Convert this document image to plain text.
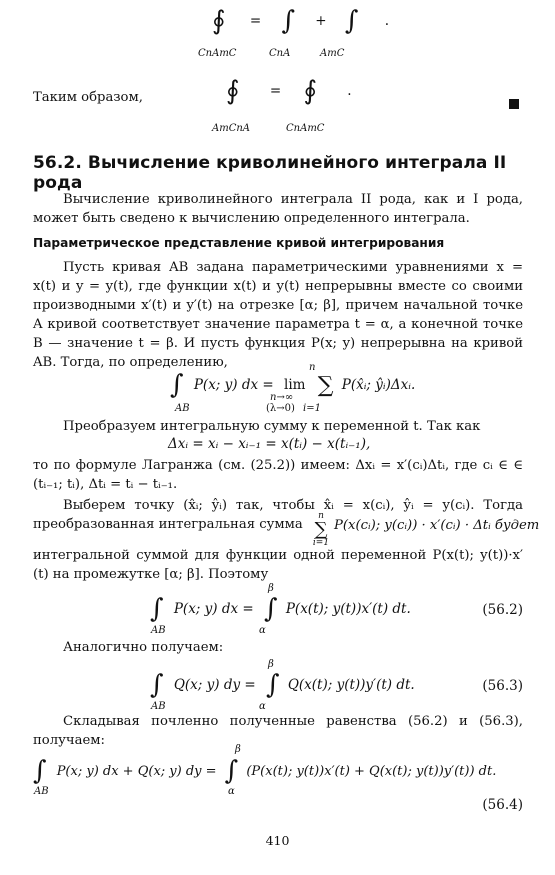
∮ = ∫ + ∫ .
CnAmC	CnA	AmC
Таким образом,	∮ = ∮ .
AmCnA	CnAmC
56.2. Вычисление криволинейного интеграла II рода
Вычисление криволинейного интеграла II рода, как и I рода, может быть сведено к вычислению определенного интеграла.
Параметрическое представление кривой интегрирования
Пусть кривая AB задана параметрическими уравнениями x = x(t) и y = y(t), где функции x(t) и y(t) непрерывны вместе со своими производными x′(t) и y′(t) на отрезке [α; β], причем начальной точке A кривой соответствует значение параметра t = α, а конечной точке B — значение t = β. И пусть функция P(x; y) непрерывна на кривой AB. Тогда, по определению,
∫ P(x; y) dx = lim ∑ P(x̂ᵢ; ŷᵢ)Δxᵢ.
AB
n
n→∞
(λ→0) i=1
Преобразуем интегральную сумму к переменной t. Так как
Δxᵢ = xᵢ − xᵢ₋₁ = x(tᵢ) − x(tᵢ₋₁),
то по формуле Лагранжа (см. (25.2)) имеем: Δxᵢ = x′(cᵢ)Δtᵢ, где cᵢ ∈ ∈ (tᵢ₋₁; tᵢ), Δtᵢ = tᵢ − tᵢ₋₁.
Выберем точку (x̂ᵢ; ŷᵢ) так, чтобы x̂ᵢ = x(cᵢ), ŷᵢ = y(cᵢ). Тогда преобразованная интегральная сумма
n
∑
i=1
P(x(cᵢ); y(cᵢ)) · x′(cᵢ) · Δtᵢ будет
интегральной суммой для функции одной переменной P(x(t); y(t))·x′(t) на промежутке [α; β]. Поэтому
∫ P(x; y) dx = ∫ P(x(t); y(t))x′(t) dt.
AB
β
α
(56.2)
Аналогично получаем:
∫ Q(x; y) dy = ∫ Q(x(t); y(t))y′(t) dt.
AB
β
α
(56.3)
Складывая почленно полученные равенства (56.2) и (56.3), получаем:
∫ P(x; y) dx + Q(x; y) dy = ∫ (P(x(t); y(t))x′(t) + Q(x(t); y(t))y′(t)) dt.
AB
β
α
(56.4)
410
